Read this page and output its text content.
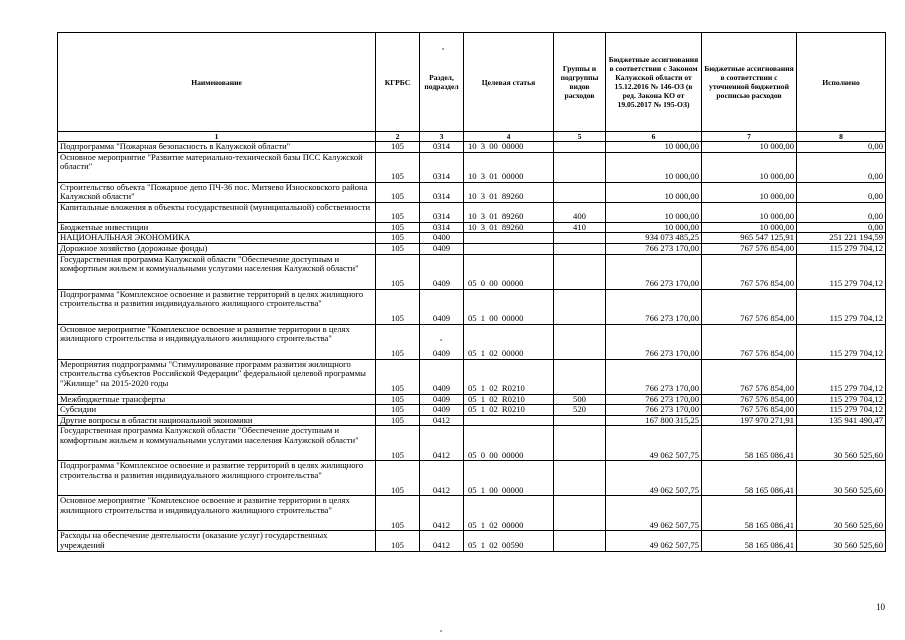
Наименование	КГРБС	Раздел, подраздел	Целевая статья	Группы и подгруппы видов расходов	Бюджетные ассигнования в соответствии с Законом Калужской области от 15.12.2016 № 146-ОЗ (в ред. Закона КО от 19.05.2017 № 195-ОЗ)	Бюджетные ассигнования в соответствии с уточненной бюджетной росписью расходов	Исполнено
1	2	3	4	5	6	7	8
Подпрограмма "Пожарная безопасность в Калужской области"	105	0314	10 3 00 00000		10 000,00	10 000,00	0,00
Основное мероприятие "Развитие материально-технической базы ПСС Калужской области"	105	0314	10 3 01 00000		10 000,00	10 000,00	0,00
Строительство объекта "Пожарное депо ПЧ-36 пос. Митяево Износковского района Калужской области"	105	0314	10 3 01 89260		10 000,00	10 000,00	0,00
Капитальные вложения в объекты государственной (муниципальной) собственности	105	0314	10 3 01 89260	400	10 000,00	10 000,00	0,00
Бюджетные инвестиции	105	0314	10 3 01 89260	410	10 000,00	10 000,00	0,00
НАЦИОНАЛЬНАЯ ЭКОНОМИКА	105	0400			934 073 485,25	965 547 125,91	251 221 194,59
Дорожное хозяйство (дорожные фонды)	105	0409			766 273 170,00	767 576 854,00	115 279 704,12
Государственная программа Калужской области "Обеспечение доступным и комфортным жильем и коммунальными услугами населения Калужской области"	105	0409	05 0 00 00000		766 273 170,00	767 576 854,00	115 279 704,12
Подпрограмма "Комплексное освоение и развитие территорий в целях жилищного строительства и развития индивидуального жилищного строительства"	105	0409	05 1 00 00000		766 273 170,00	767 576 854,00	115 279 704,12
Основное мероприятие "Комплексное освоение и развитие территории в целях жилищного строительства и индивидуального жилищного строительства"	105	0409	05 1 02 00000		766 273 170,00	767 576 854,00	115 279 704,12
Мероприятия подпрограммы "Стимулирование программ развития жилищного строительства субъектов Российской Федерации" федеральной целевой программы "Жилище" на 2015-2020 годы	105	0409	05 1 02 R0210		766 273 170,00	767 576 854,00	115 279 704,12
Межбюджетные трансферты	105	0409	05 1 02 R0210	500	766 273 170,00	767 576 854,00	115 279 704,12
Субсидии	105	0409	05 1 02 R0210	520	766 273 170,00	767 576 854,00	115 279 704,12
Другие вопросы в области национальной экономики	105	0412			167 800 315,25	197 970 271,91	135 941 490,47
Государственная программа Калужской области "Обеспечение доступным и комфортным жильем и коммунальными услугами населения Калужской области"	105	0412	05 0 00 00000		49 062 507,75	58 165 086,41	30 560 525,60
Подпрограмма "Комплексное освоение и развитие территорий в целях жилищного строительства и развития индивидуального жилищного строительства"	105	0412	05 1 00 00000		49 062 507,75	58 165 086,41	30 560 525,60
Основное мероприятие "Комплексное освоение и развитие территории в целях жилищного строительства и индивидуального жилищного строительства"	105	0412	05 1 02 00000		49 062 507,75	58 165 086,41	30 560 525,60
Расходы на обеспечение деятельности (оказание услуг) государственных учреждений	105	0412	05 1 02 00590		49 062 507,75	58 165 086,41	30 560 525,60
°
°
°
10
